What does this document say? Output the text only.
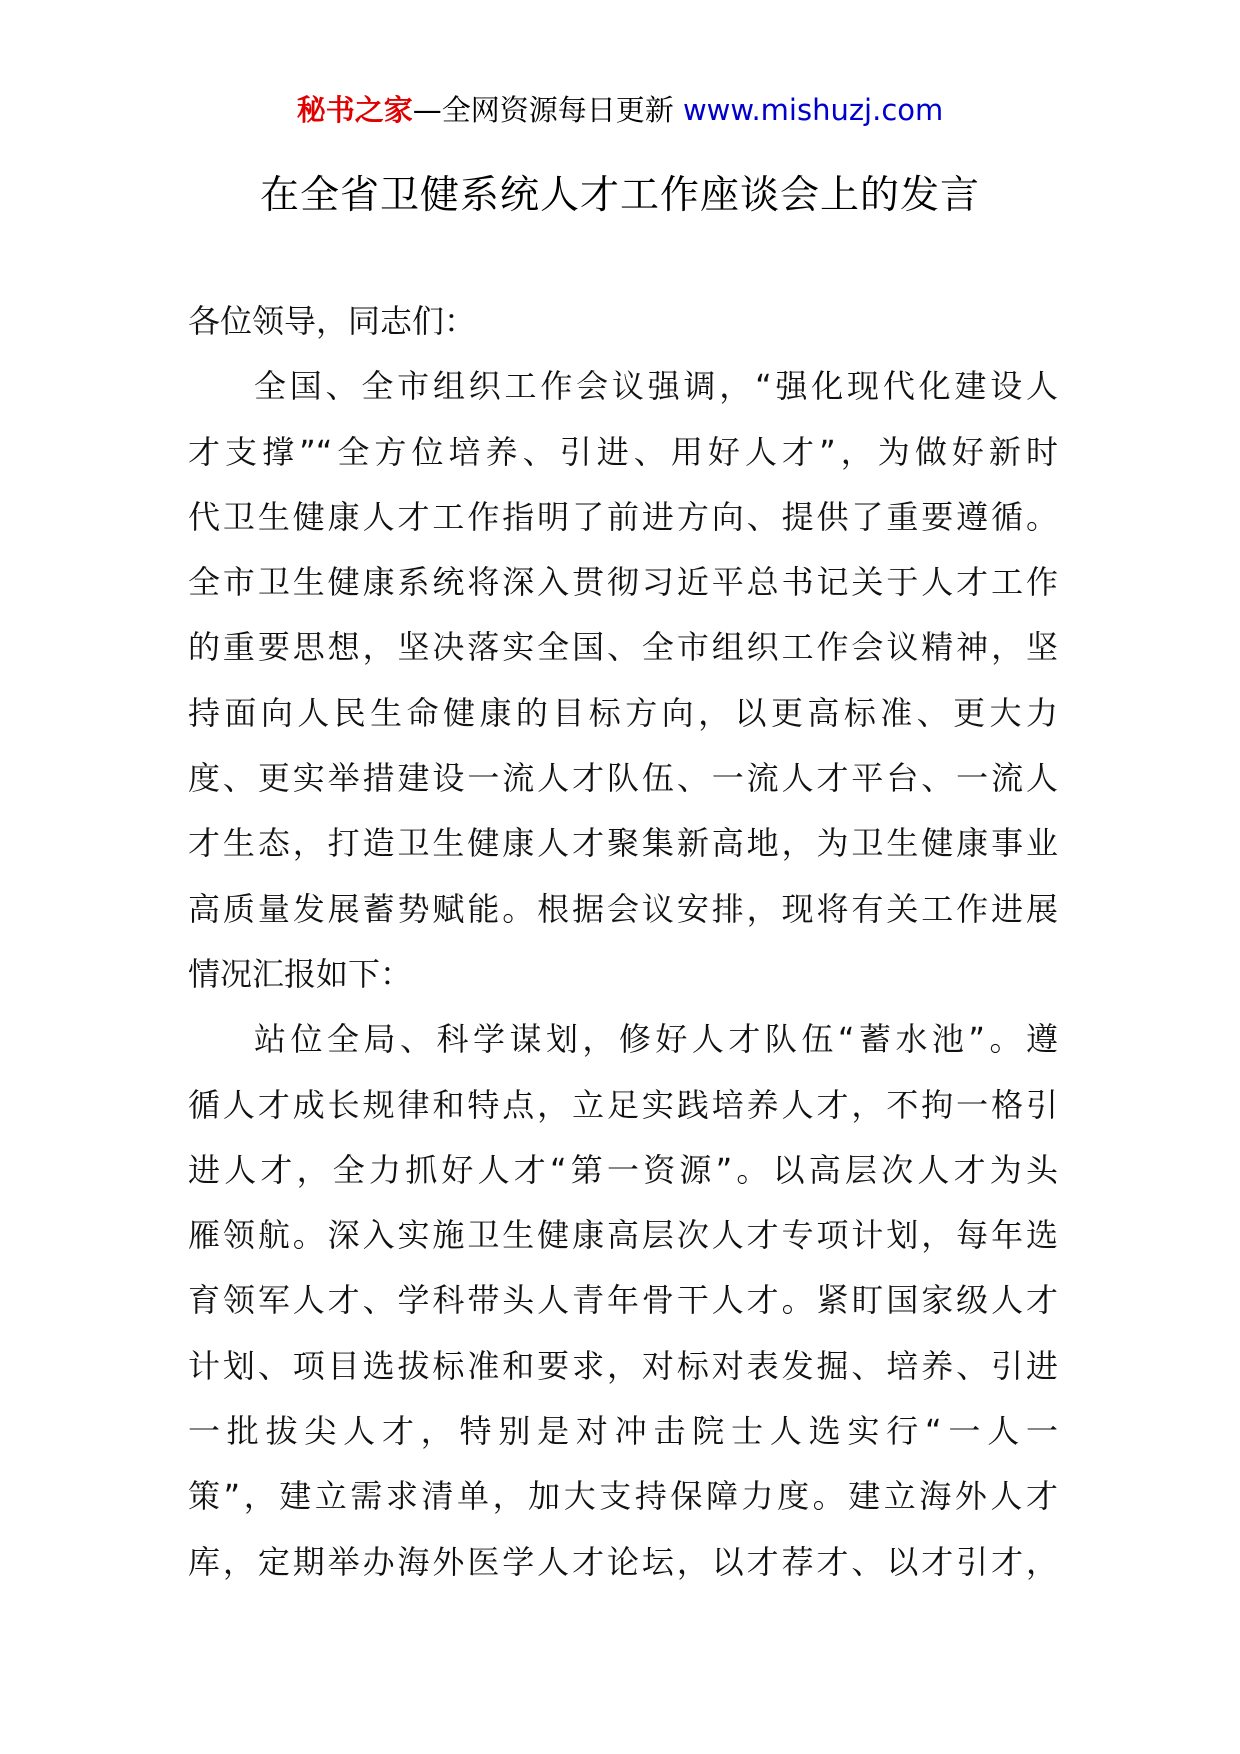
秘书之家—全网资源每日更新 www.mishuzj.com
在全省卫健系统人才工作座谈会上的发言
各位领导，同志们：
全国、全市组织工作会议强调，“强化现代化建设人
才支撑”“全方位培养、引进、用好人才”，为做好新时
代卫生健康人才工作指明了前进方向、提供了重要遵循。
全市卫生健康系统将深入贯彻习近平总书记关于人才工作
的重要思想，坚决落实全国、全市组织工作会议精神，坚
持面向人民生命健康的目标方向，以更高标准、更大力
度、更实举措建设一流人才队伍、一流人才平台、一流人
才生态，打造卫生健康人才聚集新高地，为卫生健康事业
高质量发展蓄势赋能。根据会议安排，现将有关工作进展
情况汇报如下：
站位全局、科学谋划，修好人才队伍“蓄水池”。遵
循人才成长规律和特点，立足实践培养人才，不拘一格引
进人才，全力抓好人才“第一资源”。以高层次人才为头
雁领航。深入实施卫生健康高层次人才专项计划，每年选
育领军人才、学科带头人青年骨干人才。紧盯国家级人才
计划、项目选拔标准和要求，对标对表发掘、培养、引进
一批拔尖人才，特别是对冲击院士人选实行“一人一
策”，建立需求清单，加大支持保障力度。建立海外人才
库，定期举办海外医学人才论坛，以才荐才、以才引才，
